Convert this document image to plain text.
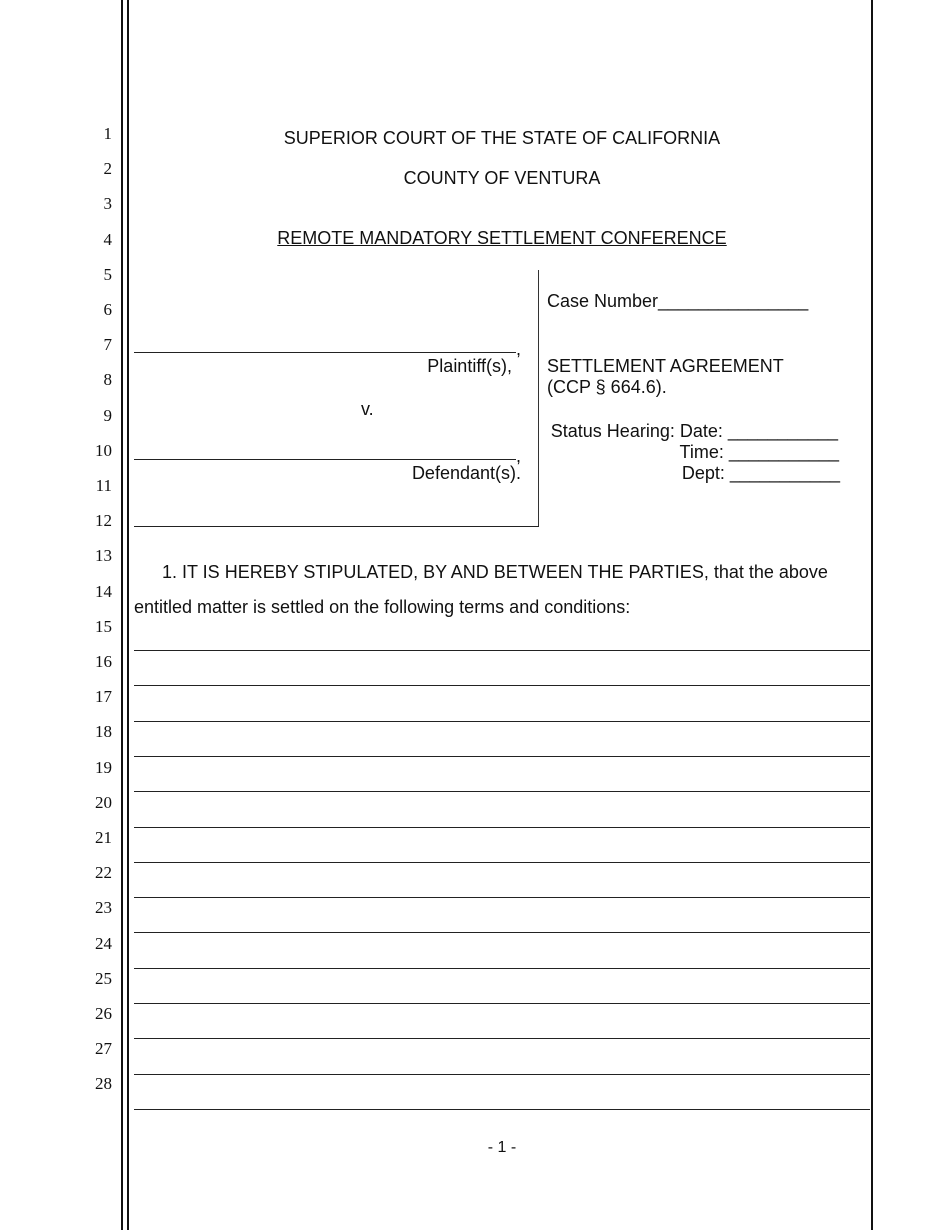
1
2
3
4
5
6
7
8
9
10
11
12
13
14
15
16
17
18
19
20
21
22
23
24
25
26
27
28
SUPERIOR COURT OF THE STATE OF CALIFORNIA
COUNTY OF VENTURA
REMOTE MANDATORY SETTLEMENT CONFERENCE
,
Plaintiff(s),
v.
,
Defendant(s).
Case Number_______________
SETTLEMENT AGREEMENT
(CCP § 664.6).
Status Hearing: Date: ___________
Time: ___________
Dept: ___________
1. IT IS HEREBY STIPULATED, BY AND BETWEEN THE PARTIES, that the above
entitled matter is settled on the following terms and conditions:
- 1 -
